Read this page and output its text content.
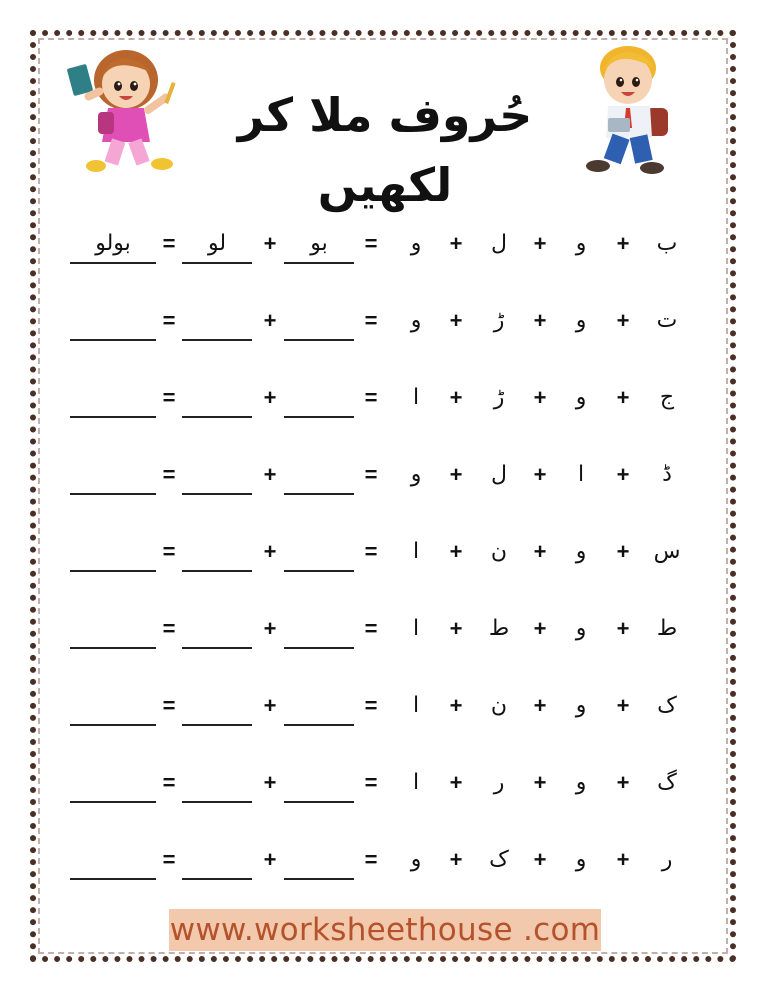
حُروف ملا کر لکھیں
ب
+
و
+
ل
+
و
=
بو
+
لو
=
بولو
ت
+
و
+
ڑ
+
و
=
+
=
ج
+
و
+
ڑ
+
ا
=
+
=
ڈ
+
ا
+
ل
+
و
=
+
=
س
+
و
+
ن
+
ا
=
+
=
ط
+
و
+
ط
+
ا
=
+
=
ک
+
و
+
ن
+
ا
=
+
=
گ
+
و
+
ر
+
ا
=
+
=
ر
+
و
+
ک
+
و
=
+
=
www.worksheethouse .com
